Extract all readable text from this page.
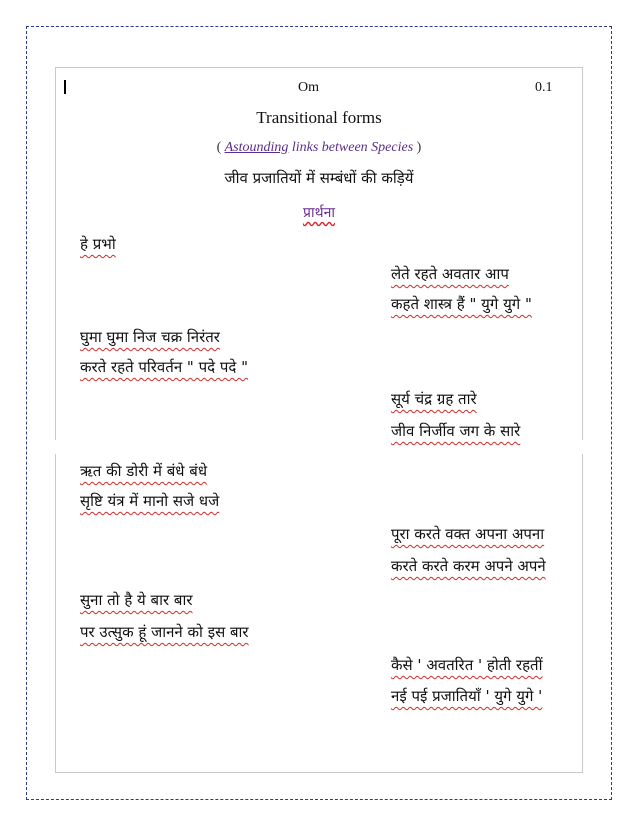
Om	0.1
Transitional forms
( Astounding links between Species )
जीव प्रजातियों में सम्बंधों की कड़ियें
प्रार्थना
हे प्रभो
लेते रहते अवतार आप
कहते शास्त्र हैं " युगे युगे "
घुमा घुमा निज चक्र निरंतर
करते रहते परिवर्तन " पदे पदे "
सूर्य चंद्र ग्रह तारे
जीव निर्जीव जग के सारे
ऋत की डोरी में बंधे बंधे
सृष्टि यंत्र में मानो सजे धजे
पूरा करते वक्त अपना अपना
करते करते करम अपने अपने
सुना तो है ये बार बार
पर उत्सुक हूं जानने को इस बार
कैसे ' अवतरित ' होती रहतीं
नई पई प्रजातियाँ ' युगे युगे '
